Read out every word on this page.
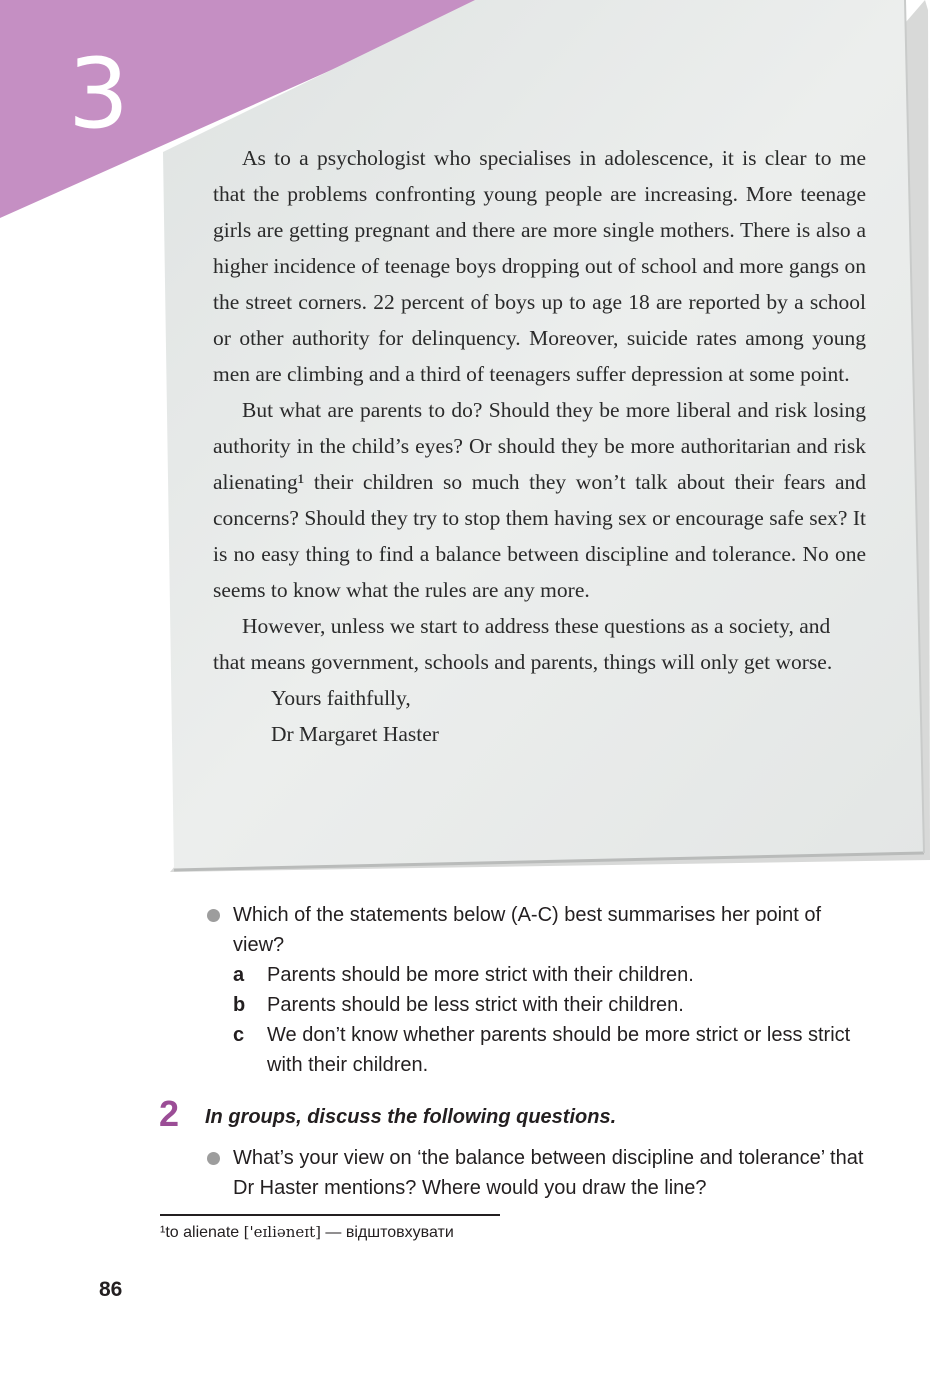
3

As to a psychologist who specialises in adolescence, it is clear to me that the problems confronting young people are increasing. More teenage girls are getting pregnant and there are more single mothers. There is also a higher incidence of teenage boys dropping out of school and more gangs on the street corners. 22 percent of boys up to age 18 are reported by a school or other authority for delinquency. Moreover, suicide rates among young men are climbing and a third of teenagers suffer depression at some point.

But what are parents to do? Should they be more liberal and risk losing authority in the child’s eyes? Or should they be more authoritarian and risk alienating¹ their children so much they won’t talk about their fears and concerns? Should they try to stop them having sex or encourage safe sex? It is no easy thing to find a balance between discipline and tolerance. No one seems to know what the rules are any more.

However, unless we start to address these questions as a society, and that means government, schools and parents, things will only get worse.

Yours faithfully,

Dr Margaret Haster

Which of the statements below (A-C) best summarises her point of view?
a Parents should be more strict with their children.
b Parents should be less strict with their children.
c We don’t know whether parents should be more strict or less strict with their children.
2 In groups, discuss the following questions.
What’s your view on ‘the balance between discipline and tolerance’ that Dr Haster mentions? Where would you draw the line?
¹to alienate ['eɪliəneɪt] — відштовхувати
86
